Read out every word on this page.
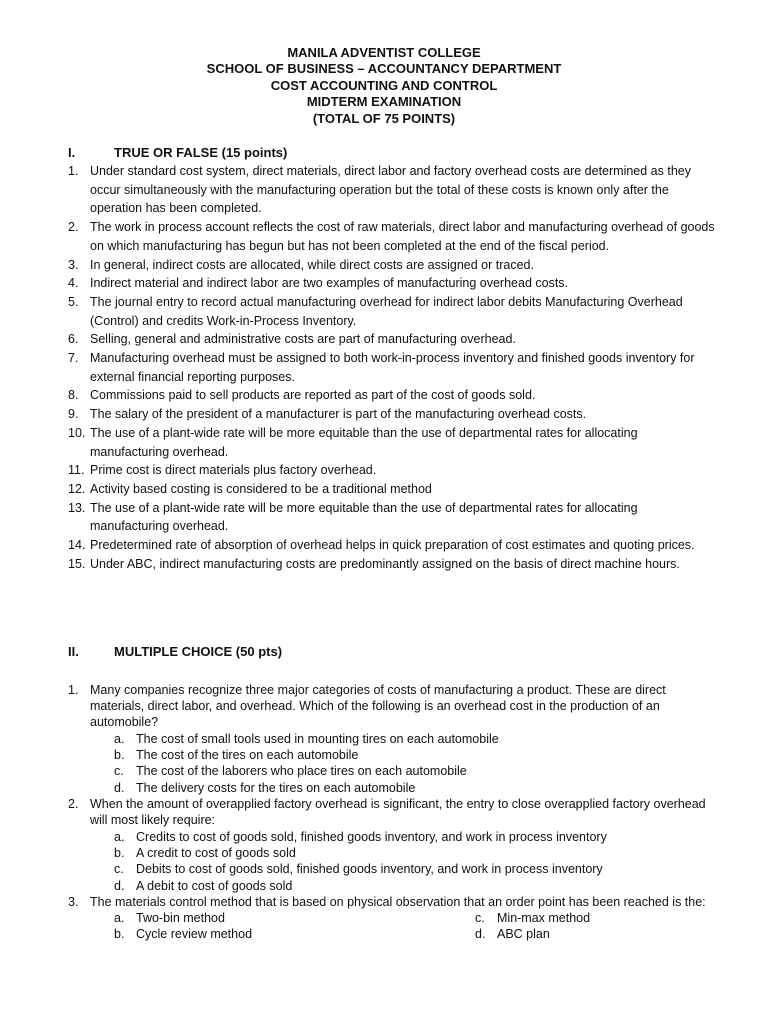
MANILA ADVENTIST COLLEGE
SCHOOL OF BUSINESS – ACCOUNTANCY DEPARTMENT
COST ACCOUNTING AND CONTROL
MIDTERM EXAMINATION
(TOTAL OF 75 POINTS)
I.	TRUE OR FALSE (15 points)
1. Under standard cost system, direct materials, direct labor and factory overhead costs are determined as they occur simultaneously with the manufacturing operation but the total of these costs is known only after the operation has been completed.
2. The work in process account reflects the cost of raw materials, direct labor and manufacturing overhead of goods on which manufacturing has begun but has not been completed at the end of the fiscal period.
3. In general, indirect costs are allocated, while direct costs are assigned or traced.
4. Indirect material and indirect labor are two examples of manufacturing overhead costs.
5. The journal entry to record actual manufacturing overhead for indirect labor debits Manufacturing Overhead (Control) and credits Work-in-Process Inventory.
6. Selling, general and administrative costs are part of manufacturing overhead.
7. Manufacturing overhead must be assigned to both work-in-process inventory and finished goods inventory for external financial reporting purposes.
8. Commissions paid to sell products are reported as part of the cost of goods sold.
9. The salary of the president of a manufacturer is part of the manufacturing overhead costs.
10. The use of a plant-wide rate will be more equitable than the use of departmental rates for allocating manufacturing overhead.
11. Prime cost is direct materials plus factory overhead.
12. Activity based costing is considered to be a traditional method
13. The use of a plant-wide rate will be more equitable than the use of departmental rates for allocating manufacturing overhead.
14. Predetermined rate of absorption of overhead helps in quick preparation of cost estimates and quoting prices.
15. Under ABC, indirect manufacturing costs are predominantly assigned on the basis of direct machine hours.
II.	MULTIPLE CHOICE (50 pts)
1. Many companies recognize three major categories of costs of manufacturing a product. These are direct materials, direct labor, and overhead. Which of the following is an overhead cost in the production of an automobile?
a. The cost of small tools used in mounting tires on each automobile
b. The cost of the tires on each automobile
c. The cost of the laborers who place tires on each automobile
d. The delivery costs for the tires on each automobile
2. When the amount of overapplied factory overhead is significant, the entry to close overapplied factory overhead will most likely require:
a. Credits to cost of goods sold, finished goods inventory, and work in process inventory
b. A credit to cost of goods sold
c. Debits to cost of goods sold, finished goods inventory, and work in process inventory
d. A debit to cost of goods sold
3. The materials control method that is based on physical observation that an order point has been reached is the:
a. Two-bin method	c. Min-max method
b. Cycle review method	d. ABC plan
